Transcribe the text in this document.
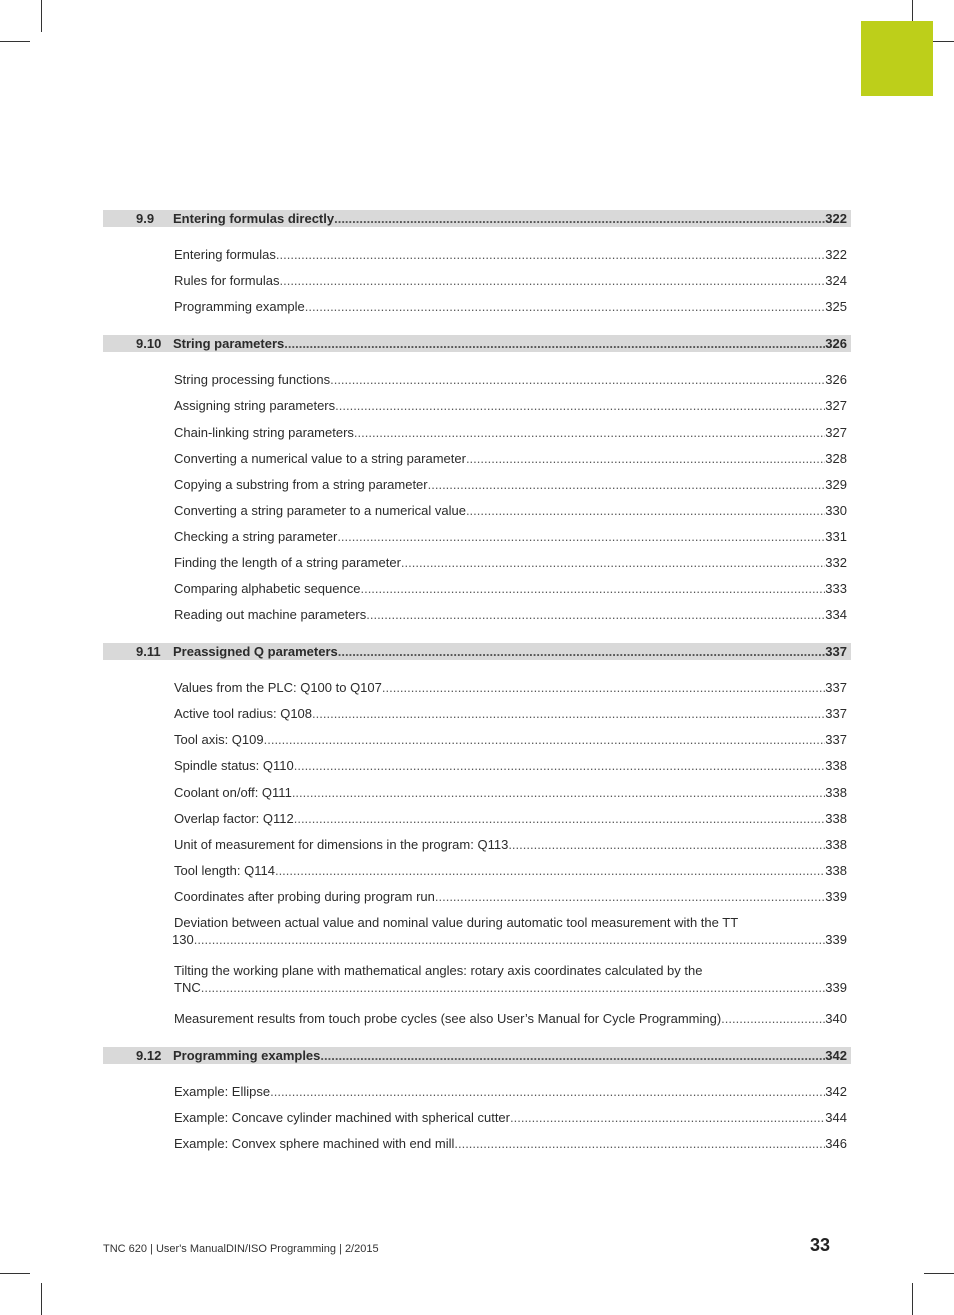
9.9 Entering formulas directly .....	322
Entering formulas .....	322
Rules for formulas .....	324
Programming example .....	325
9.10 String parameters .....	326
String processing functions .....	326
Assigning string parameters .....	327
Chain-linking string parameters .....	327
Converting a numerical value to a string parameter .....	328
Copying a substring from a string parameter .....	329
Converting a string parameter to a numerical value .....	330
Checking a string parameter .....	331
Finding the length of a string parameter .....	332
Comparing alphabetic sequence .....	333
Reading out machine parameters .....	334
9.11 Preassigned Q parameters .....	337
Values from the PLC: Q100 to Q107 .....	337
Active tool radius: Q108 .....	337
Tool axis: Q109 .....	337
Spindle status: Q110 .....	338
Coolant on/off: Q111 .....	338
Overlap factor: Q112 .....	338
Unit of measurement for dimensions in the program: Q113 .....	338
Tool length: Q114 .....	338
Coordinates after probing during program run .....	339
Deviation between actual value and nominal value during automatic tool measurement with the TT
130 .....	339
Tilting the working plane with mathematical angles: rotary axis coordinates calculated by the
TNC .....	339
Measurement results from touch probe cycles (see also User’s Manual for Cycle Programming) .....	340
9.12 Programming examples .....	342
Example: Ellipse .....	342
Example: Concave cylinder machined with spherical cutter .....	344
Example: Convex sphere machined with end mill .....	346
TNC 620 | User's ManualDIN/ISO Programming | 2/2015	33
